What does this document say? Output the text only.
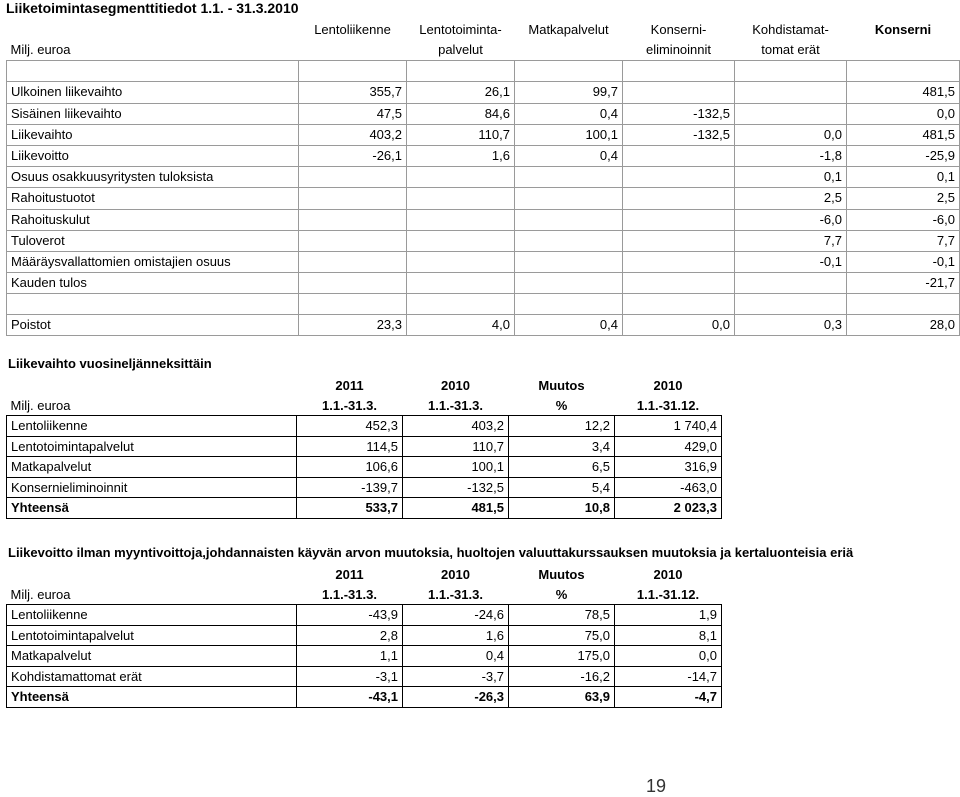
Liiketoimintasegmenttitiedot 1.1. - 31.3.2010
	Lentoliikenne	Lentotoiminta-	Matkapalvelut	Konserni-	Kohdistamat-	Konserni
Milj. euroa		palvelut		eliminoinnit	tomat erät	

Ulkoinen liikevaihto	355,7	26,1	99,7			481,5
Sisäinen liikevaihto	47,5	84,6	0,4	-132,5		0,0
Liikevaihto	403,2	110,7	100,1	-132,5	0,0	481,5
Liikevoitto	-26,1	1,6	0,4		-1,8	-25,9
Osuus osakkuusyritysten tuloksista					0,1	0,1
Rahoitustuotot					2,5	2,5
Rahoituskulut					-6,0	-6,0
Tuloverot					7,7	7,7
Määräysvallattomien omistajien osuus					-0,1	-0,1
Kauden tulos						-21,7

Poistot	23,3	4,0	0,4	0,0	0,3	28,0
Liikevaihto vuosineljänneksittäin
	2011	2010	Muutos	2010
Milj. euroa	1.1.-31.3.	1.1.-31.3.	%	1.1.-31.12.
Lentoliikenne	452,3	403,2	12,2	1 740,4
Lentotoimintapalvelut	114,5	110,7	3,4	429,0
Matkapalvelut	106,6	100,1	6,5	316,9
Konsernieliminoinnit	-139,7	-132,5	5,4	-463,0
Yhteensä	533,7	481,5	10,8	2 023,3
Liikevoitto ilman myyntivoittoja,johdannaisten käyvän arvon muutoksia, huoltojen valuuttakurssauksen muutoksia ja kertaluonteisia eriä
	2011	2010	Muutos	2010
Milj. euroa	1.1.-31.3.	1.1.-31.3.	%	1.1.-31.12.
Lentoliikenne	-43,9	-24,6	78,5	1,9
Lentotoimintapalvelut	2,8	1,6	75,0	8,1
Matkapalvelut	1,1	0,4	175,0	0,0
Kohdistamattomat erät	-3,1	-3,7	-16,2	-14,7
Yhteensä	-43,1	-26,3	63,9	-4,7
19
